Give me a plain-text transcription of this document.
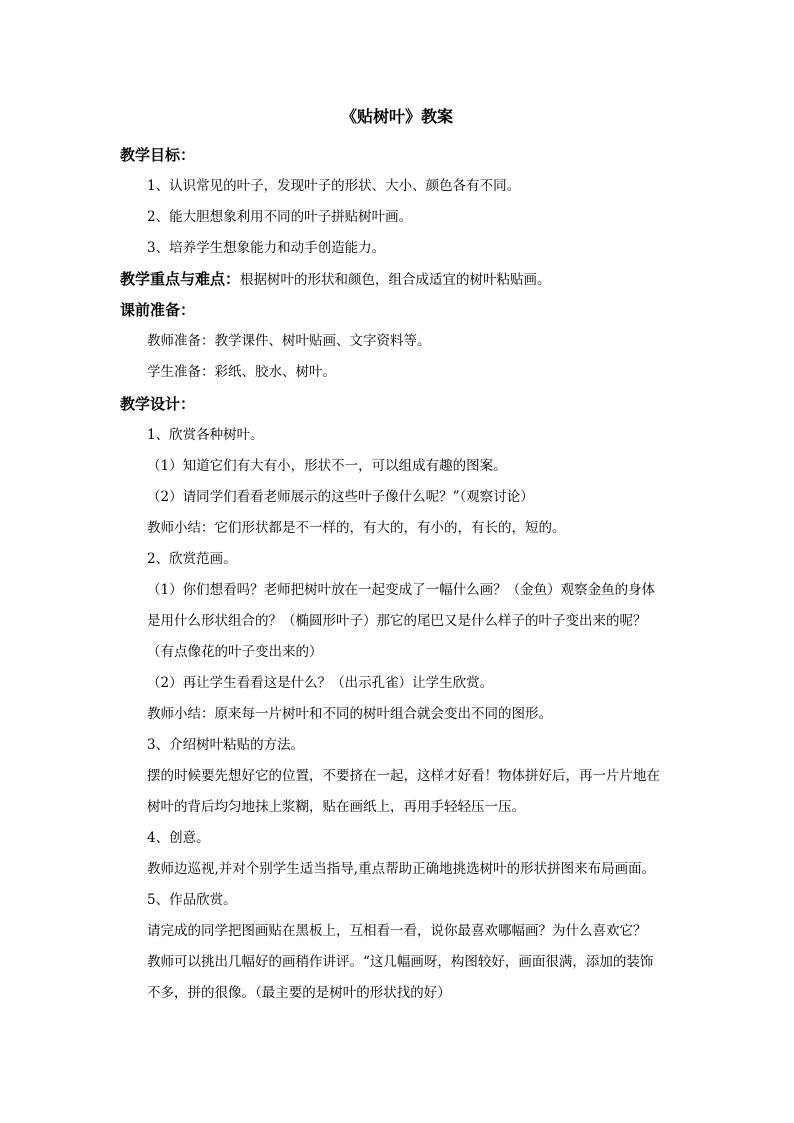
《贴树叶》教案
教学目标：
1、认识常见的叶子，发现叶子的形状、大小、颜色各有不同。
2、能大胆想象利用不同的叶子拼贴树叶画。
3、培养学生想象能力和动手创造能力。
教学重点与难点：根据树叶的形状和颜色，组合成适宜的树叶粘贴画。
课前准备：
教师准备：教学课件、树叶贴画、文字资料等。
学生准备：彩纸、胶水、树叶。
教学设计：
1、欣赏各种树叶。
（1）知道它们有大有小，形状不一，可以组成有趣的图案。
（2）请同学们看看老师展示的这些叶子像什么呢？”（观察讨论）
教师小结：它们形状都是不一样的，有大的，有小的，有长的，短的。
2、欣赏范画。
（1）你们想看吗？老师把树叶放在一起变成了一幅什么画？（金鱼）观察金鱼的身体
是用什么形状组合的？（椭圆形叶子）那它的尾巴又是什么样子的叶子变出来的呢？
（有点像花的叶子变出来的）
（2）再让学生看看这是什么？（出示孔雀）让学生欣赏。
教师小结：原来每一片树叶和不同的树叶组合就会变出不同的图形。
3、介绍树叶粘贴的方法。
摆的时候要先想好它的位置，不要挤在一起，这样才好看！物体拼好后，再一片片地在
树叶的背后均匀地抹上浆糊，贴在画纸上，再用手轻轻压一压。
4、创意。
教师边巡视,并对个别学生适当指导,重点帮助正确地挑选树叶的形状拼图来布局画面。
5、作品欣赏。
请完成的同学把图画贴在黑板上，互相看一看，说你最喜欢哪幅画？为什么喜欢它？
教师可以挑出几幅好的画稍作讲评。“这几幅画呀，构图较好，画面很满，添加的装饰
不多，拼的很像。（最主要的是树叶的形状找的好）
